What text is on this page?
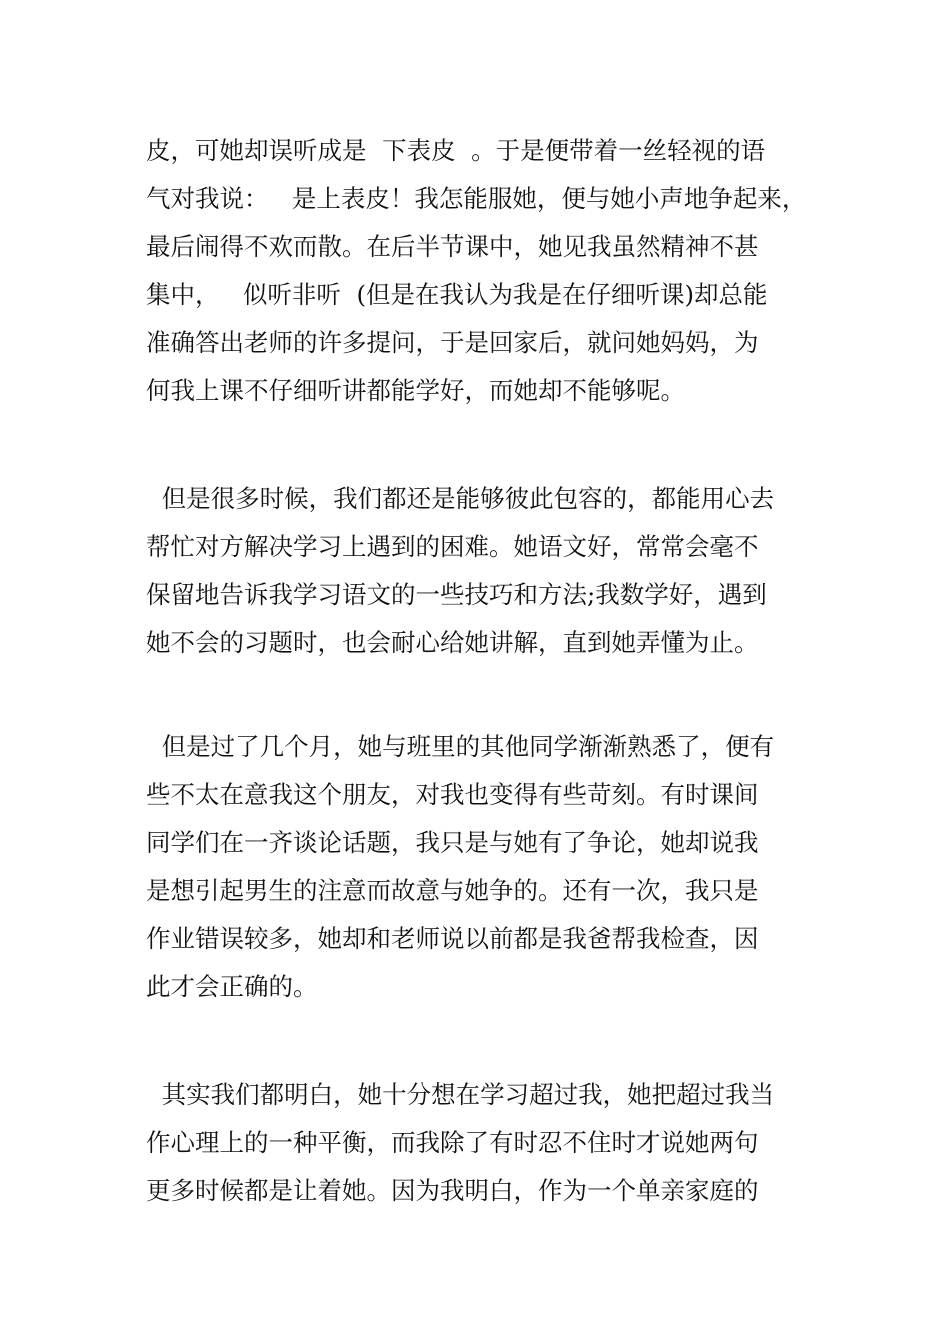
皮，可她却误听成是  下表皮  。于是便带着一丝轻视的语
气对我说：   是上表皮！我怎能服她，便与她小声地争起来，
最后闹得不欢而散。在后半节课中，她见我虽然精神不甚
集中，   似听非听  (但是在我认为我是在仔细听课)却总能
准确答出老师的许多提问，于是回家后，就问她妈妈，为
何我上课不仔细听讲都能学好，而她却不能够呢。

但是很多时候，我们都还是能够彼此包容的，都能用心去
帮忙对方解决学习上遇到的困难。她语文好，常常会毫不
保留地告诉我学习语文的一些技巧和方法;我数学好，遇到
她不会的习题时，也会耐心给她讲解，直到她弄懂为止。

但是过了几个月，她与班里的其他同学渐渐熟悉了，便有
些不太在意我这个朋友，对我也变得有些苛刻。有时课间
同学们在一齐谈论话题，我只是与她有了争论，她却说我
是想引起男生的注意而故意与她争的。还有一次，我只是
作业错误较多，她却和老师说以前都是我爸帮我检查，因
此才会正确的。

其实我们都明白，她十分想在学习超过我，她把超过我当
作心理上的一种平衡，而我除了有时忍不住时才说她两句
更多时候都是让着她。因为我明白，作为一个单亲家庭的
